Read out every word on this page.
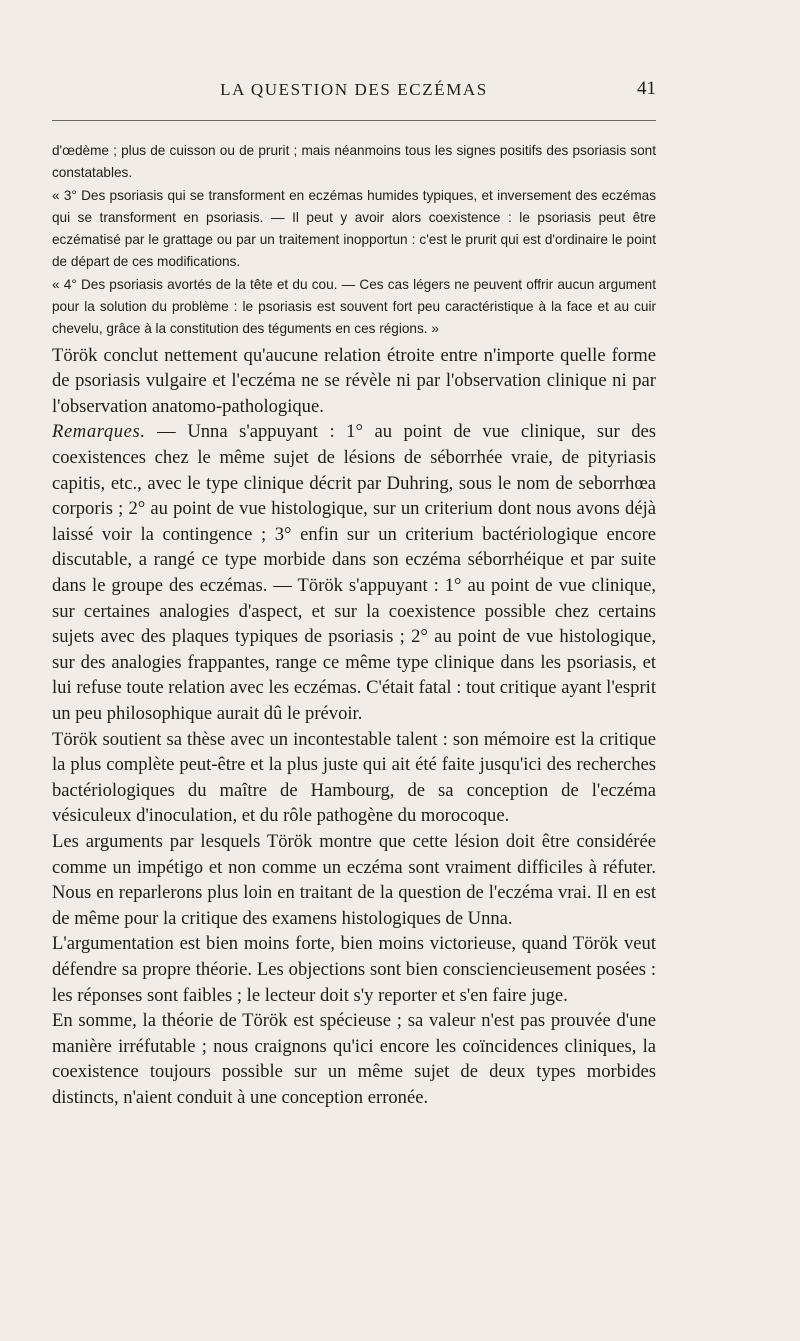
LA QUESTION DES ECZÉMAS	41

d'œdème ; plus de cuisson ou de prurit ; mais néanmoins tous les signes positifs des psoriasis sont constatables.

« 3° Des psoriasis qui se transforment en eczémas humides typiques, et inversement des eczémas qui se transforment en psoriasis. — Il peut y avoir alors coexistence : le psoriasis peut être eczématisé par le grattage ou par un traitement inopportun : c'est le prurit qui est d'ordinaire le point de départ de ces modifications.

« 4° Des psoriasis avortés de la tête et du cou. — Ces cas légers ne peuvent offrir aucun argument pour la solution du problème : le psoriasis est souvent fort peu caractéristique à la face et au cuir chevelu, grâce à la constitution des téguments en ces régions. »

Török conclut nettement qu'aucune relation étroite entre n'importe quelle forme de psoriasis vulgaire et l'eczéma ne se révèle ni par l'observation clinique ni par l'observation anatomo-pathologique.

Remarques. — Unna s'appuyant : 1° au point de vue clinique, sur des coexistences chez le même sujet de lésions de séborrhée vraie, de pityriasis capitis, etc., avec le type clinique décrit par Duhring, sous le nom de seborrhœa corporis ; 2° au point de vue histologique, sur un criterium dont nous avons déjà laissé voir la contingence ; 3° enfin sur un criterium bactériologique encore discutable, a rangé ce type morbide dans son eczéma séborrhéique et par suite dans le groupe des eczémas. — Török s'appuyant : 1° au point de vue clinique, sur certaines analogies d'aspect, et sur la coexistence possible chez certains sujets avec des plaques typiques de psoriasis ; 2° au point de vue histologique, sur des analogies frappantes, range ce même type clinique dans les psoriasis, et lui refuse toute relation avec les eczémas. C'était fatal : tout critique ayant l'esprit un peu philosophique aurait dû le prévoir.

Török soutient sa thèse avec un incontestable talent : son mémoire est la critique la plus complète peut-être et la plus juste qui ait été faite jusqu'ici des recherches bactériologiques du maître de Hambourg, de sa conception de l'eczéma vésiculeux d'inoculation, et du rôle pathogène du morocoque.

Les arguments par lesquels Török montre que cette lésion doit être considérée comme un impétigo et non comme un eczéma sont vraiment difficiles à réfuter. Nous en reparlerons plus loin en traitant de la question de l'eczéma vrai. Il en est de même pour la critique des examens histologiques de Unna.

L'argumentation est bien moins forte, bien moins victorieuse, quand Török veut défendre sa propre théorie. Les objections sont bien consciencieusement posées : les réponses sont faibles ; le lecteur doit s'y reporter et s'en faire juge.

En somme, la théorie de Török est spécieuse ; sa valeur n'est pas prouvée d'une manière irréfutable ; nous craignons qu'ici encore les coïncidences cliniques, la coexistence toujours possible sur un même sujet de deux types morbides distincts, n'aient conduit à une conception erronée.
